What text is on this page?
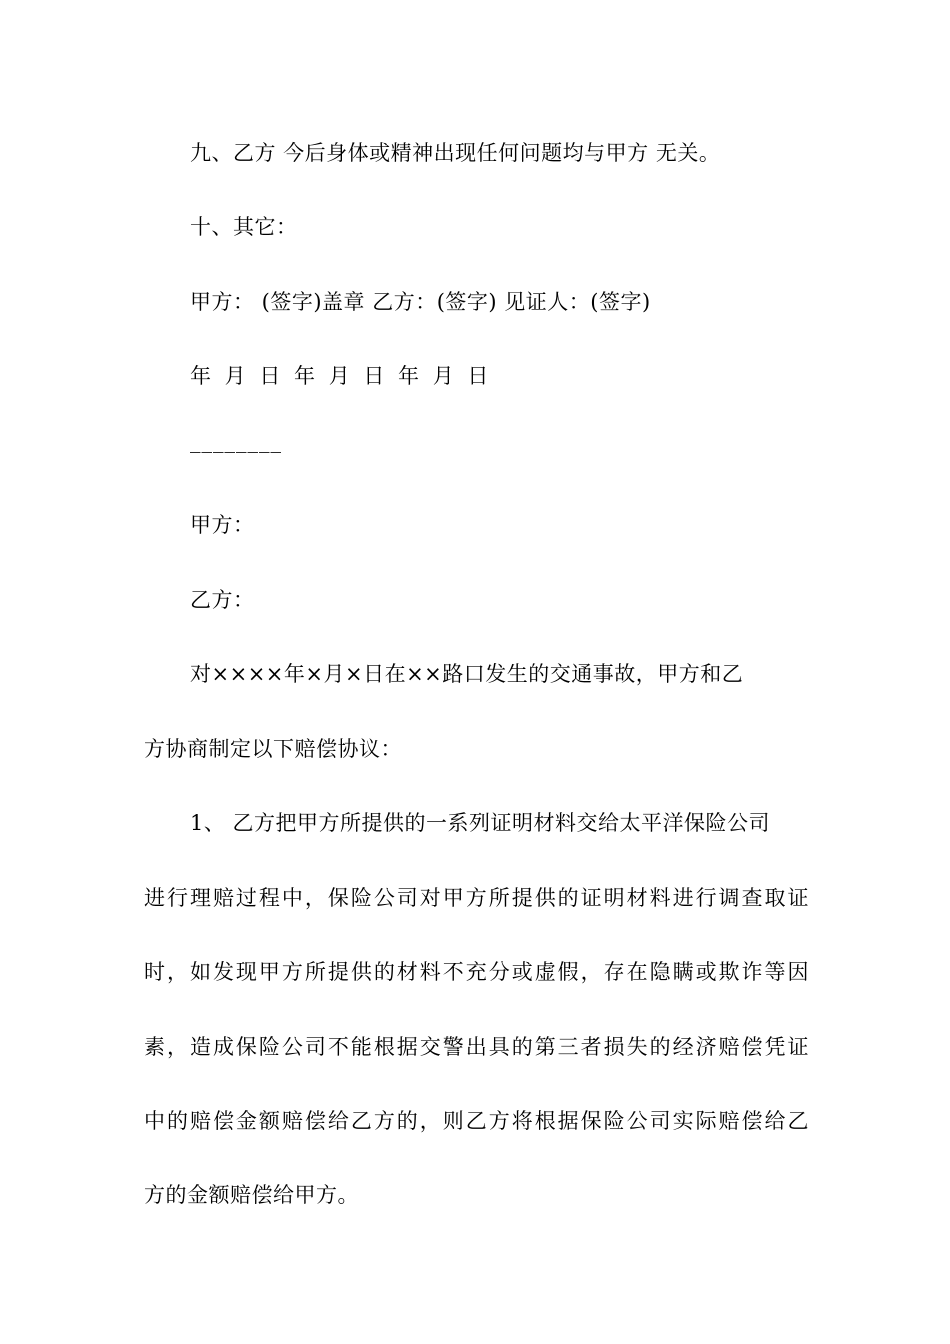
九、乙方 今后身体或精神出现任何问题均与甲方 无关。
十、其它：
甲方： (签字)盖章 乙方：(签字) 见证人：(签字)
年 月 日 年 月 日 年 月 日
________
甲方：
乙方：
对××××年×月×日在××路口发生的交通事故，甲方和乙
方协商制定以下赔偿协议：
1、 乙方把甲方所提供的一系列证明材料交给太平洋保险公司
进行理赔过程中，保险公司对甲方所提供的证明材料进行调查取证
时，如发现甲方所提供的材料不充分或虚假，存在隐瞒或欺诈等因
素，造成保险公司不能根据交警出具的第三者损失的经济赔偿凭证
中的赔偿金额赔偿给乙方的，则乙方将根据保险公司实际赔偿给乙
方的金额赔偿给甲方。
